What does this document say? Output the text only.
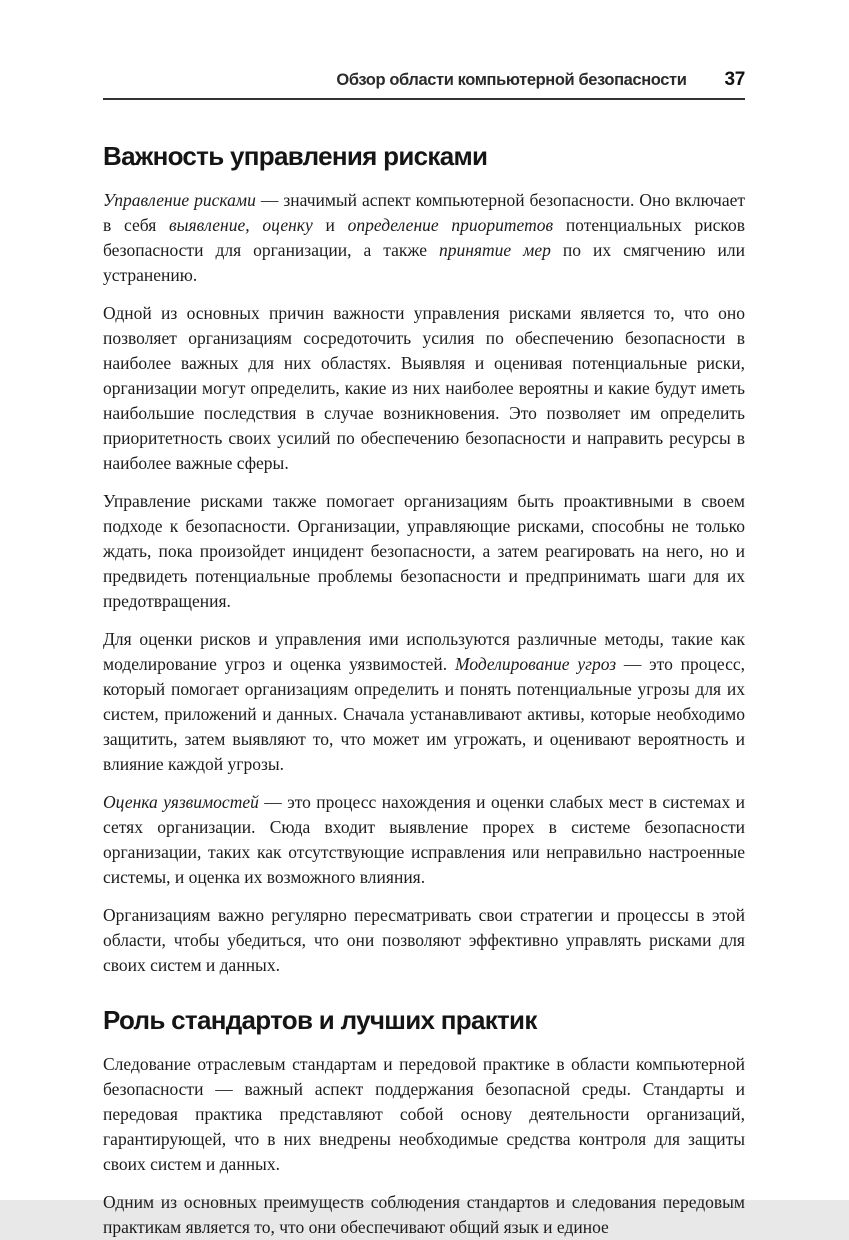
Обзор области компьютерной безопасности 37
Важность управления рисками

Управление рисками — значимый аспект компьютерной безопасности. Оно включает в себя выявление, оценку и определение приоритетов потенциальных рисков безопасности для организации, а также принятие мер по их смягчению или устранению.

Одной из основных причин важности управления рисками является то, что оно позволяет организациям сосредоточить усилия по обеспечению безопасности в наиболее важных для них областях. Выявляя и оценивая потенциальные риски, организации могут определить, какие из них наиболее вероятны и какие будут иметь наибольшие последствия в случае возникновения. Это позволяет им определить приоритетность своих усилий по обеспечению безопасности и направить ресурсы в наиболее важные сферы.

Управление рисками также помогает организациям быть проактивными в своем подходе к безопасности. Организации, управляющие рисками, способны не только ждать, пока произойдет инцидент безопасности, а затем реагировать на него, но и предвидеть потенциальные проблемы безопасности и предпринимать шаги для их предотвращения.

Для оценки рисков и управления ими используются различные методы, такие как моделирование угроз и оценка уязвимостей. Моделирование угроз — это процесс, который помогает организациям определить и понять потенциальные угрозы для их систем, приложений и данных. Сначала устанавливают активы, которые необходимо защитить, затем выявляют то, что может им угрожать, и оценивают вероятность и влияние каждой угрозы.

Оценка уязвимостей — это процесс нахождения и оценки слабых мест в системах и сетях организации. Сюда входит выявление прорех в системе безопасности организации, таких как отсутствующие исправления или неправильно настроенные системы, и оценка их возможного влияния.

Организациям важно регулярно пересматривать свои стратегии и процессы в этой области, чтобы убедиться, что они позволяют эффективно управлять рисками для своих систем и данных.

Роль стандартов и лучших практик

Следование отраслевым стандартам и передовой практике в области компьютерной безопасности — важный аспект поддержания безопасной среды. Стандарты и передовая практика представляют собой основу деятельности организаций, гарантирующей, что в них внедрены необходимые средства контроля для защиты своих систем и данных.

Одним из основных преимуществ соблюдения стандартов и следования передовым практикам является то, что они обеспечивают общий язык и единое
